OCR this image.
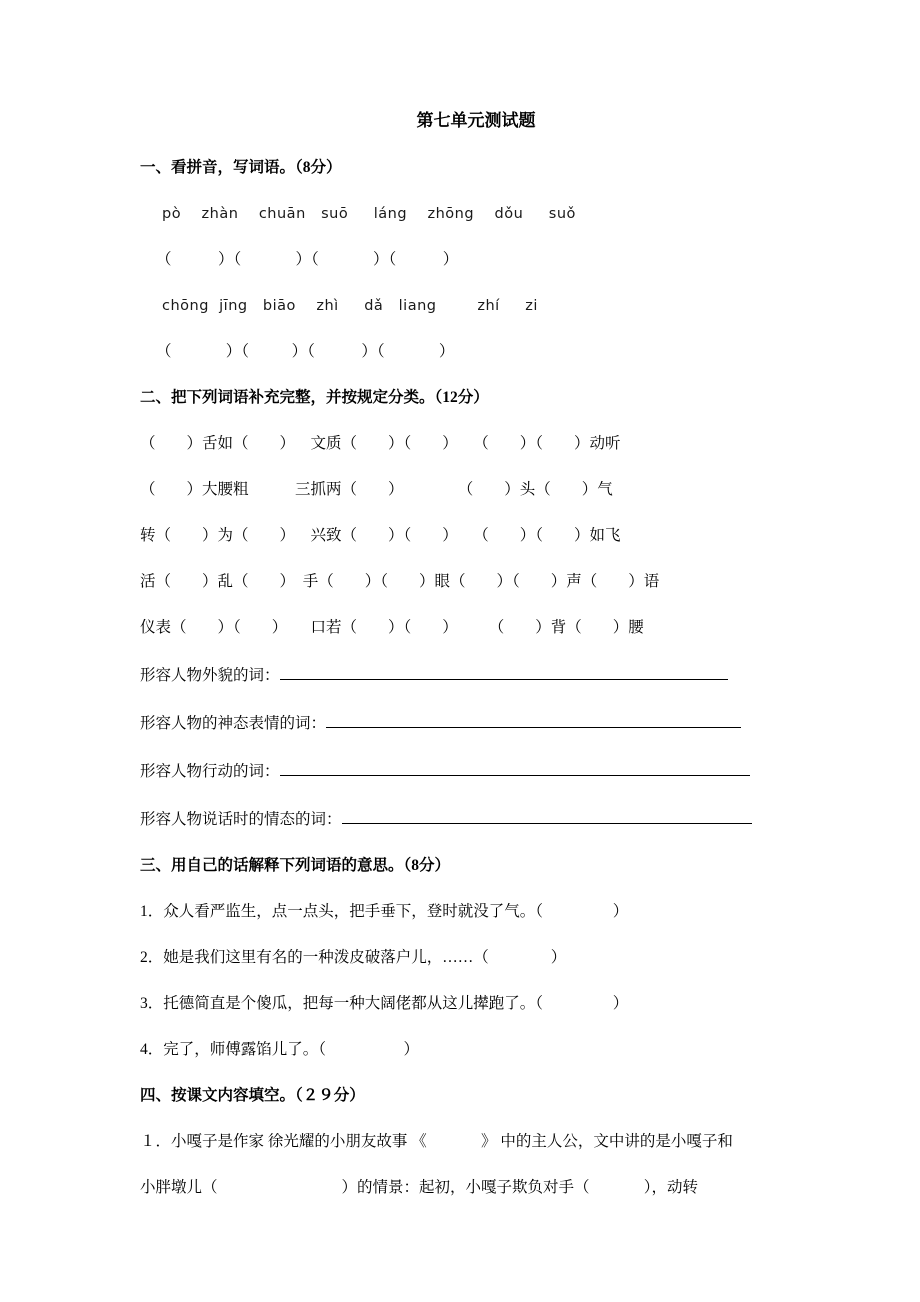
第七单元测试题
一、看拼音，写词语。（8分）
pò    zhàn    chuān   suō     láng    zhōng    dǒu     suǒ
（            ）（              ）（              ）（            ）
chōng  jīng   biāo    zhì     dǎ   liang        zhí     zi
（              ）（           ）（            ）（              ）
二、把下列词语补充完整，并按规定分类。（12分）
（        ）舌如（        ）    文质（        ）（        ）    （        ）（        ）动听
（        ）大腰粗            三抓两（        ）              （        ）头（        ）气
转（        ）为（        ）    兴致（        ）（        ）    （        ）（        ）如飞
活（        ）乱（        ）  手（        ）（        ）眼（        ）（        ）声（        ）语
仪表（        ）（        ）      口若（        ）（        ）        （        ）背（        ）腰
形容人物外貌的词：
形容人物的神态表情的词：
形容人物行动的词：
形容人物说话时的情态的词：
三、用自己的话解释下列词语的意思。（8分）
1．众人看严监生，点一点头，把手垂下，登时就没了气。（                  ）
2．她是我们这里有名的一种泼皮破落户儿，……（                ）
3．托德简直是个傻瓜，把每一种大阔佬都从这儿撵跑了。（                  ）
4．完了，师傅露馅儿了。（                    ）
四、按课文内容填空。（２９分）
１．小嘎子是作家 徐光耀的小朋友故事 《              》 中的主人公，文中讲的是小嘎子和
小胖墩儿（                                ）的情景：起初，小嘎子欺负对手（              ），动转
